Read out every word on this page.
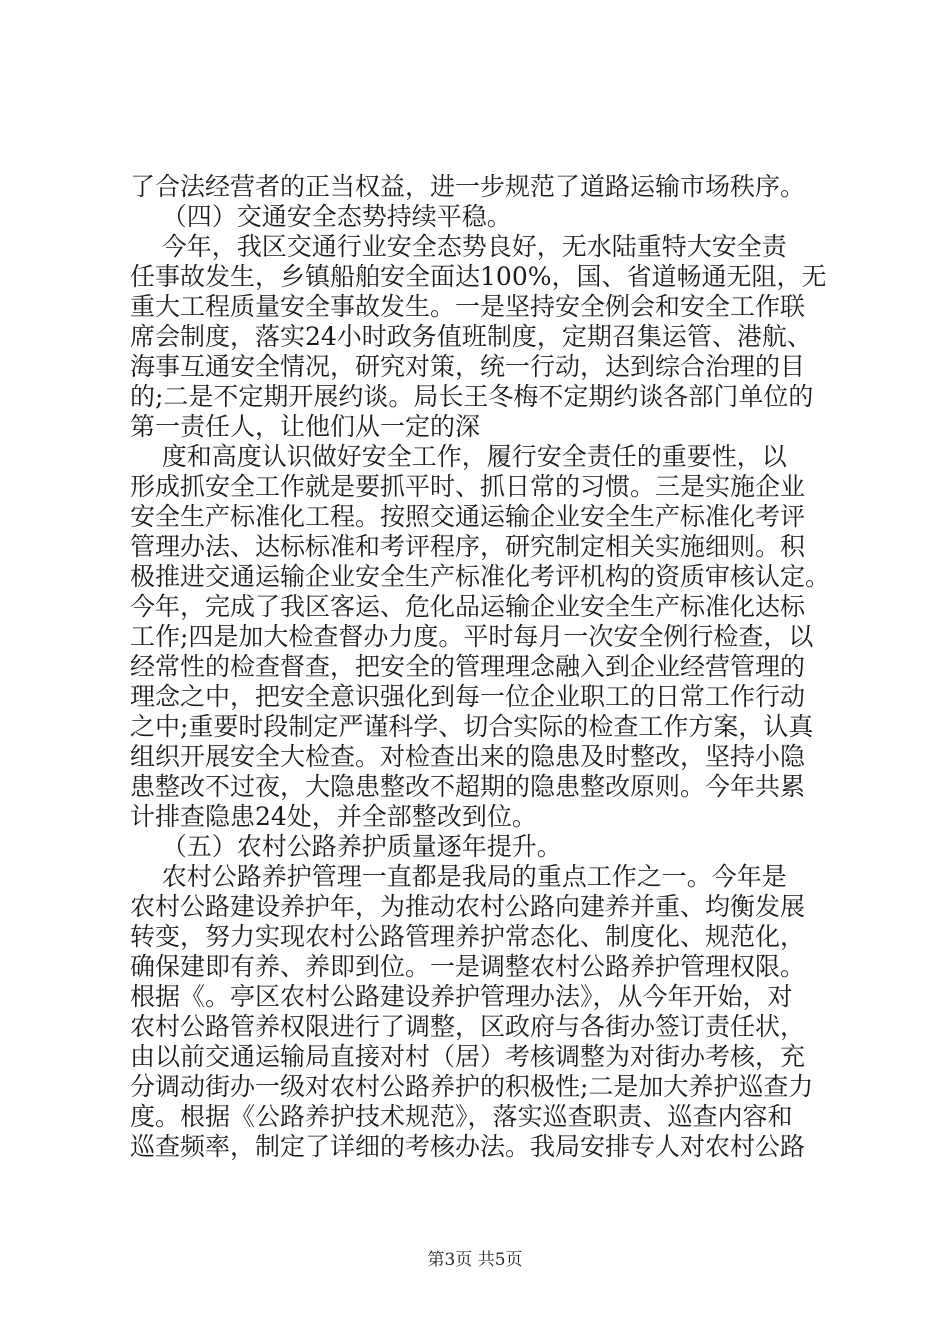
了合法经营者的正当权益，进一步规范了道路运输市场秩序。
（四）交通安全态势持续平稳。
今年，我区交通行业安全态势良好，无水陆重特大安全责
任事故发生，乡镇船舶安全面达100%，国、省道畅通无阻，无
重大工程质量安全事故发生。一是坚持安全例会和安全工作联
席会制度，落实24小时政务值班制度，定期召集运管、港航、
海事互通安全情况，研究对策，统一行动，达到综合治理的目
的;二是不定期开展约谈。局长王冬梅不定期约谈各部门单位的
第一责任人，让他们从一定的深
度和高度认识做好安全工作，履行安全责任的重要性，以
形成抓安全工作就是要抓平时、抓日常的习惯。三是实施企业
安全生产标准化工程。按照交通运输企业安全生产标准化考评
管理办法、达标标准和考评程序，研究制定相关实施细则。积
极推进交通运输企业安全生产标准化考评机构的资质审核认定。
今年，完成了我区客运、危化品运输企业安全生产标准化达标
工作;四是加大检查督办力度。平时每月一次安全例行检查，以
经常性的检查督查，把安全的管理理念融入到企业经营管理的
理念之中，把安全意识强化到每一位企业职工的日常工作行动
之中;重要时段制定严谨科学、切合实际的检查工作方案，认真
组织开展安全大检查。对检查出来的隐患及时整改，坚持小隐
患整改不过夜，大隐患整改不超期的隐患整改原则。今年共累
计排查隐患24处，并全部整改到位。
（五）农村公路养护质量逐年提升。
农村公路养护管理一直都是我局的重点工作之一。今年是
农村公路建设养护年，为推动农村公路向建养并重、均衡发展
转变，努力实现农村公路管理养护常态化、制度化、规范化，
确保建即有养、养即到位。一是调整农村公路养护管理权限。
根据《。亭区农村公路建设养护管理办法》，从今年开始，对
农村公路管养权限进行了调整，区政府与各街办签订责任状，
由以前交通运输局直接对村（居）考核调整为对街办考核，充
分调动街办一级对农村公路养护的积极性;二是加大养护巡查力
度。根据《公路养护技术规范》，落实巡查职责、巡查内容和
巡查频率，制定了详细的考核办法。我局安排专人对农村公路
第3页 共5页
